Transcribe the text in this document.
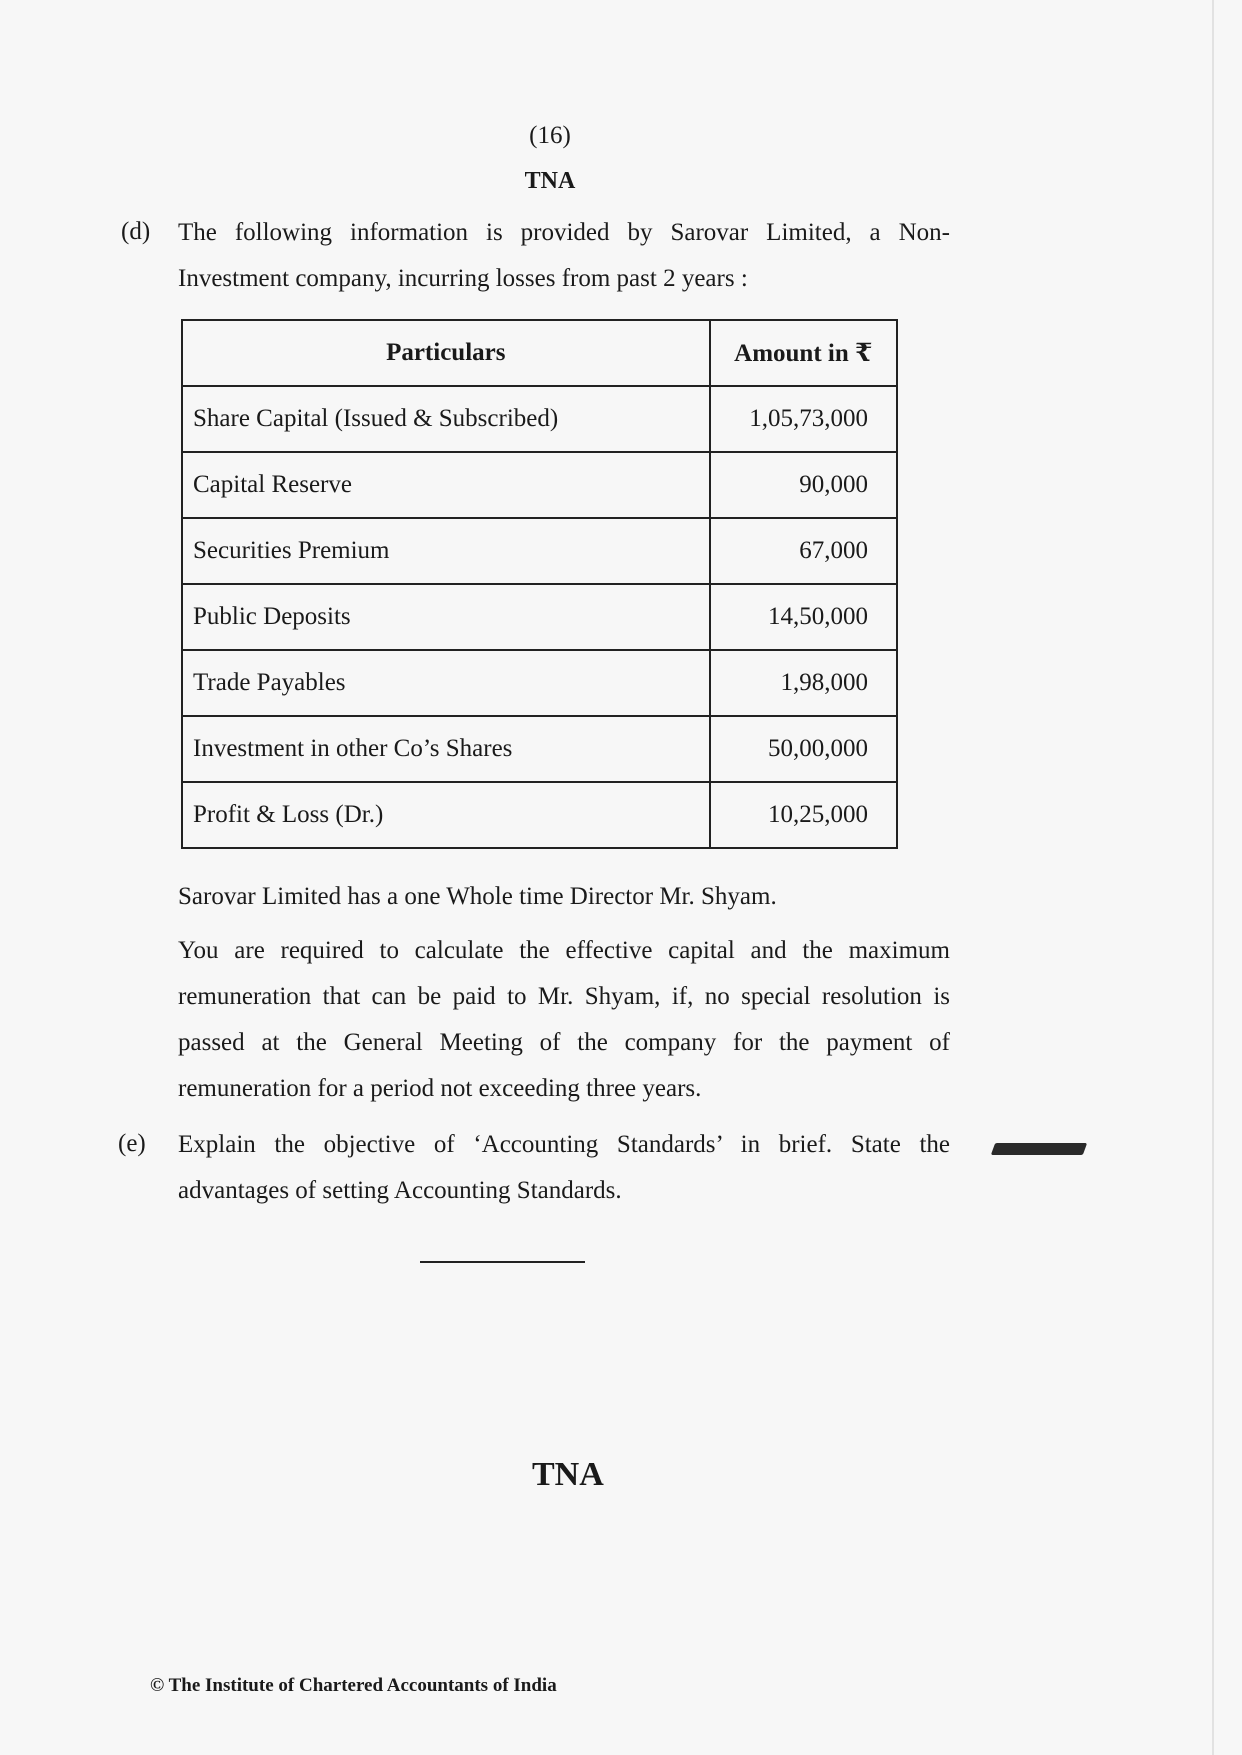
(16)
TNA
(d) The following information is provided by Sarovar Limited, a Non-
Investment company, incurring losses from past 2 years :
Particulars	Amount in ₹
Share Capital (Issued & Subscribed)	1,05,73,000
Capital Reserve	90,000
Securities Premium	67,000
Public Deposits	14,50,000
Trade Payables	1,98,000
Investment in other Co’s Shares	50,00,000
Profit & Loss (Dr.)	10,25,000
Sarovar Limited has a one Whole time Director Mr. Shyam.
You are required to calculate the effective capital and the maximum
remuneration that can be paid to Mr. Shyam, if, no special resolution is
passed at the General Meeting of the company for the payment of
remuneration for a period not exceeding three years.
(e) Explain the objective of ‘Accounting Standards’ in brief. State the
advantages of setting Accounting Standards.
TNA
© The Institute of Chartered Accountants of India
